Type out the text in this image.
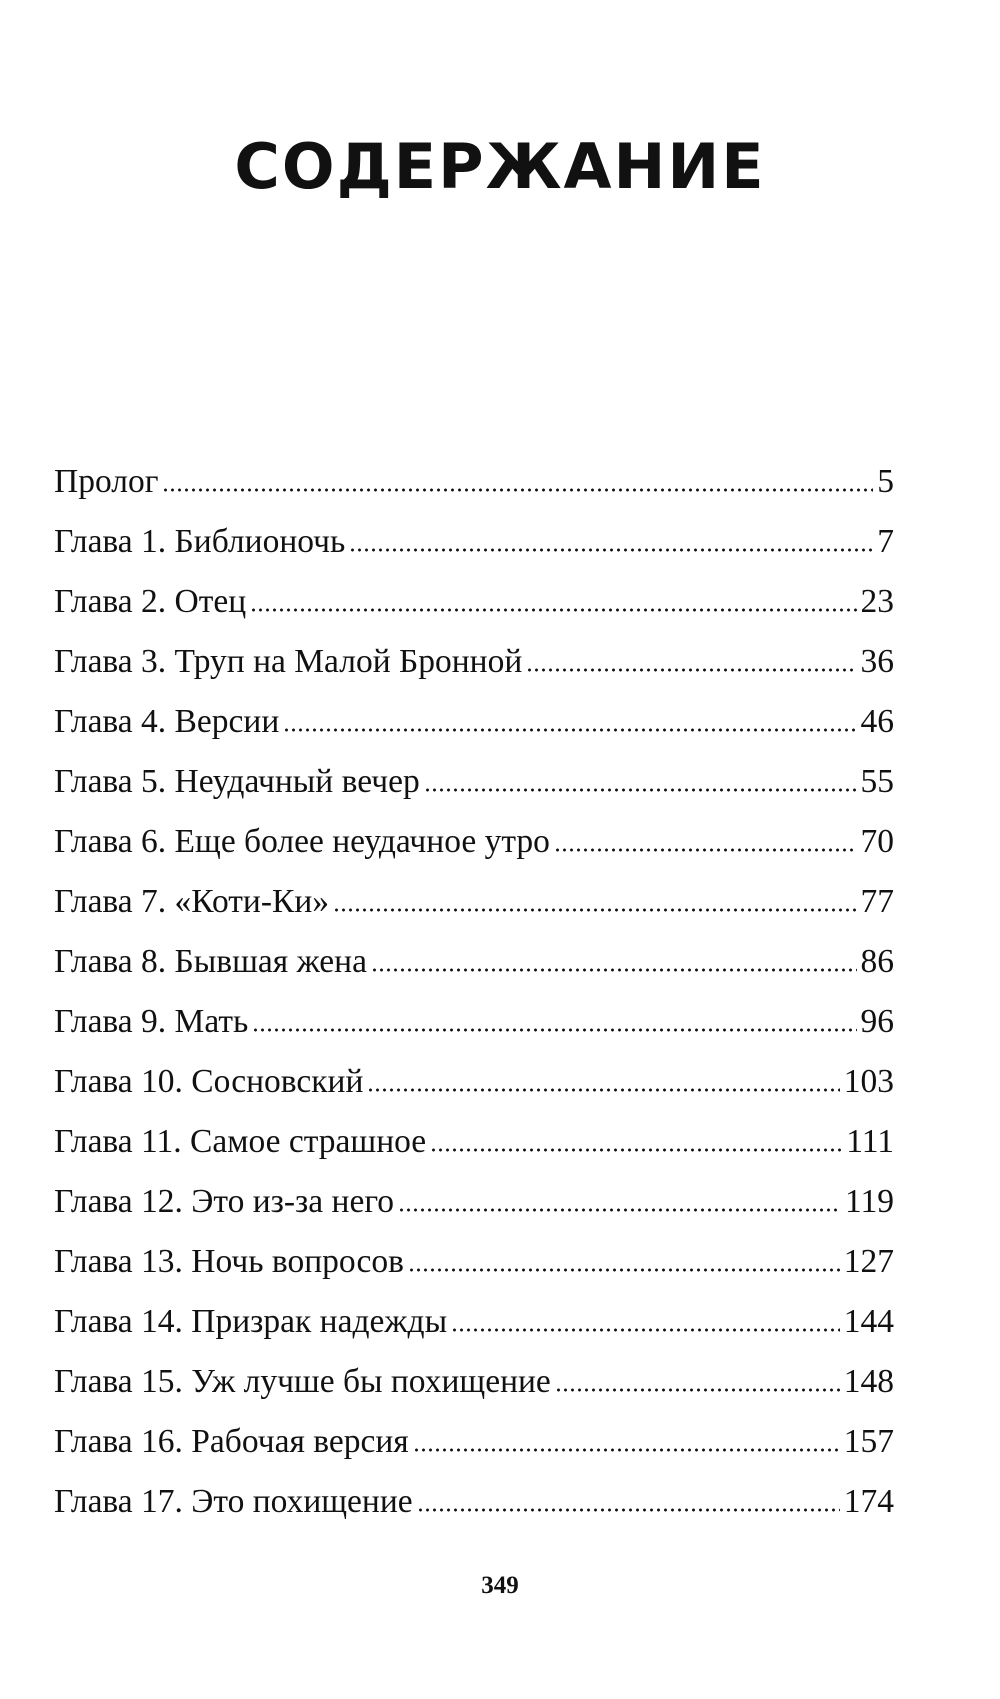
СОДЕРЖАНИЕ
Пролог	5
Глава 1. Библионочь	7
Глава 2. Отец	23
Глава 3. Труп на Малой Бронной	36
Глава 4. Версии	46
Глава 5. Неудачный вечер	55
Глава 6. Еще более неудачное утро	70
Глава 7. «Коти-Ки»	77
Глава 8. Бывшая жена	86
Глава 9. Мать	96
Глава 10. Сосновский	103
Глава 11. Самое страшное	111
Глава 12. Это из-за него	119
Глава 13. Ночь вопросов	127
Глава 14. Призрак надежды	144
Глава 15. Уж лучше бы похищение	148
Глава 16. Рабочая версия	157
Глава 17. Это похищение	174
349
